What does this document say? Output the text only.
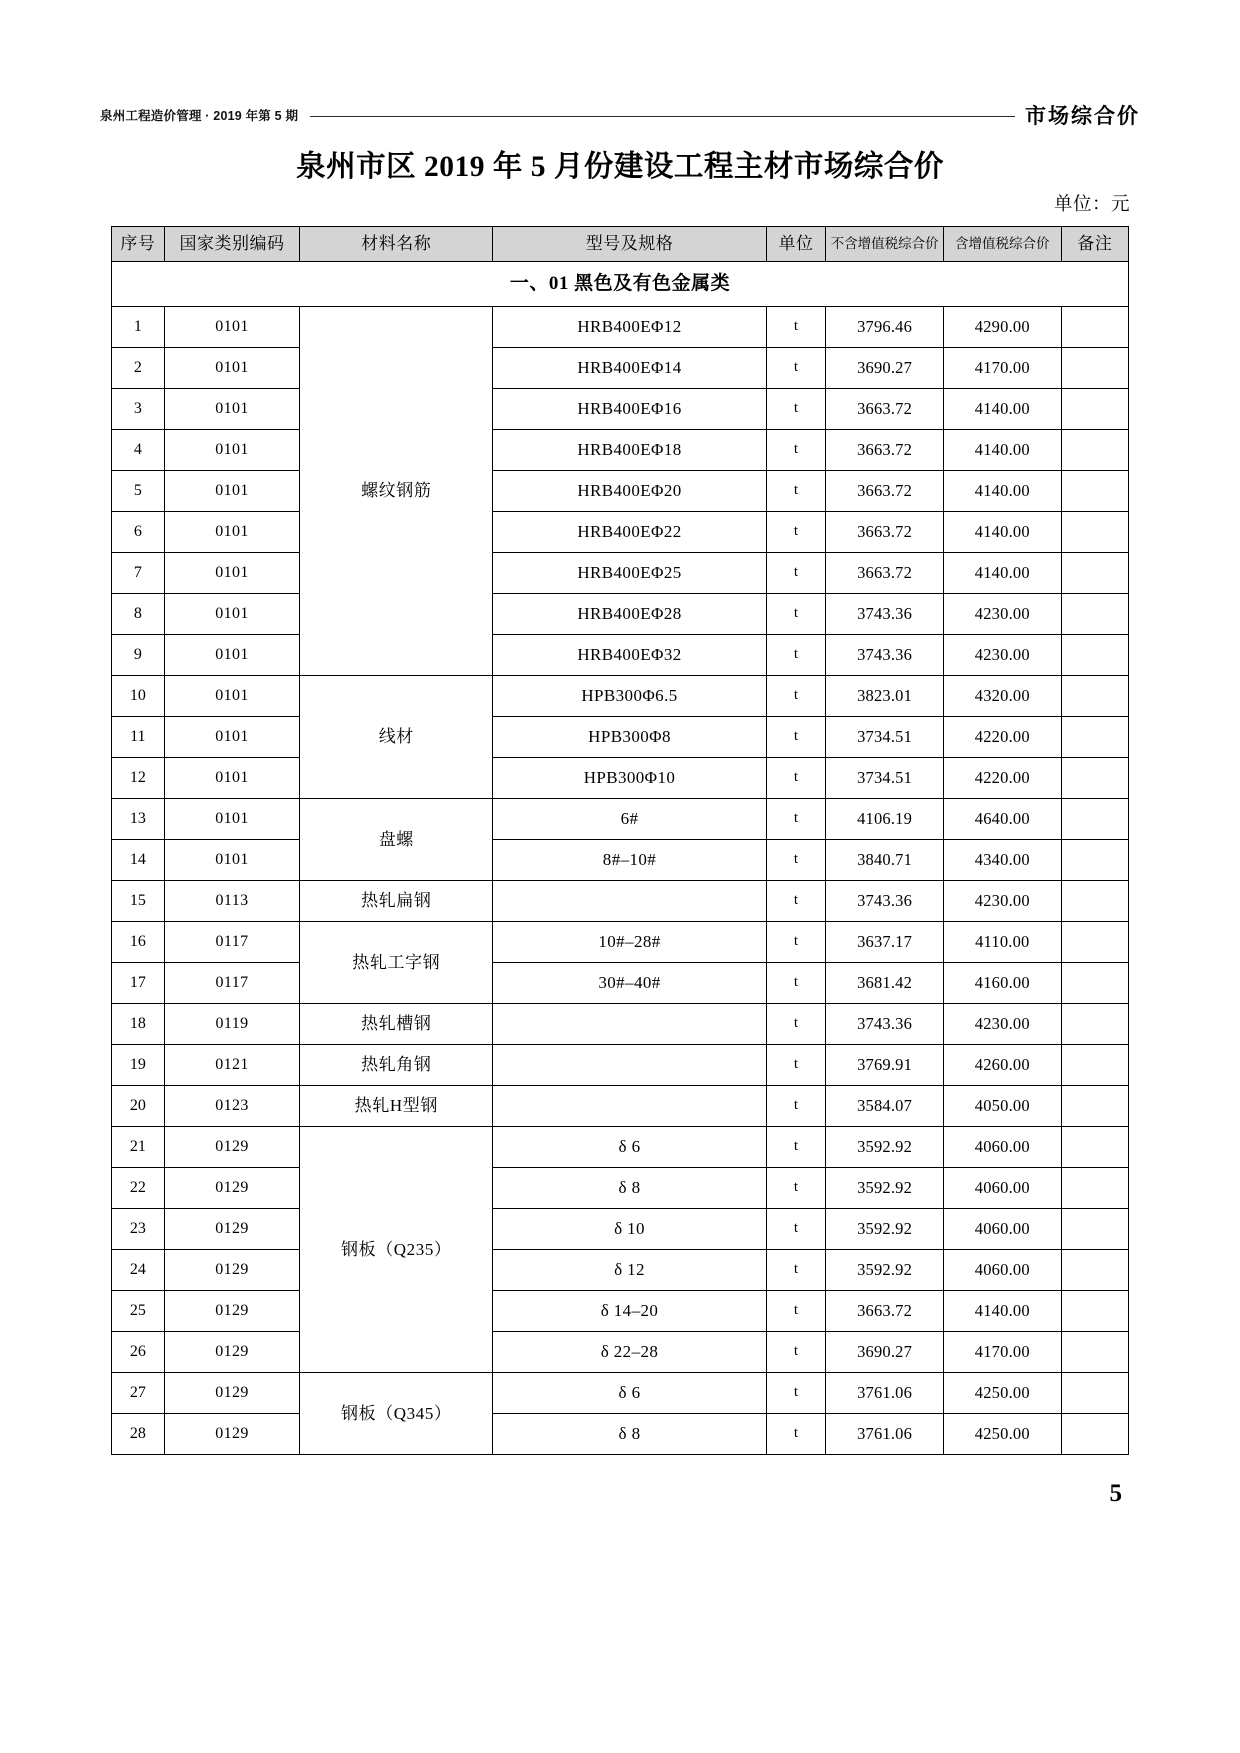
泉州工程造价管理 · 2019 年第 5 期	市场综合价
泉州市区 2019 年 5 月份建设工程主材市场综合价
单位：元
序号	国家类别编码	材料名称	型号及规格	单位	不含增值税综合价	含增值税综合价	备注
一、01 黑色及有色金属类							
1	0101	螺纹钢筋	HRB400EΦ12	t	3796.46	4290.00	
2	0101		HRB400EΦ14	t	3690.27	4170.00	
3	0101		HRB400EΦ16	t	3663.72	4140.00	
4	0101		HRB400EΦ18	t	3663.72	4140.00	
5	0101		HRB400EΦ20	t	3663.72	4140.00	
6	0101		HRB400EΦ22	t	3663.72	4140.00	
7	0101		HRB400EΦ25	t	3663.72	4140.00	
8	0101		HRB400EΦ28	t	3743.36	4230.00	
9	0101		HRB400EΦ32	t	3743.36	4230.00	
10	0101	线材	HPB300Φ6.5	t	3823.01	4320.00	
11	0101		HPB300Φ8	t	3734.51	4220.00	
12	0101		HPB300Φ10	t	3734.51	4220.00	
13	0101	盘螺	6#	t	4106.19	4640.00	
14	0101		8#–10#	t	3840.71	4340.00	
15	0113	热轧扁钢		t	3743.36	4230.00	
16	0117	热轧工字钢	10#–28#	t	3637.17	4110.00	
17	0117		30#–40#	t	3681.42	4160.00	
18	0119	热轧槽钢		t	3743.36	4230.00	
19	0121	热轧角钢		t	3769.91	4260.00	
20	0123	热轧H型钢		t	3584.07	4050.00	
21	0129	钢板（Q235）	δ 6	t	3592.92	4060.00	
22	0129		δ 8	t	3592.92	4060.00	
23	0129		δ 10	t	3592.92	4060.00	
24	0129		δ 12	t	3592.92	4060.00	
25	0129		δ 14–20	t	3663.72	4140.00	
26	0129		δ 22–28	t	3690.27	4170.00	
27	0129	钢板（Q345）	δ 6	t	3761.06	4250.00	
28	0129		δ 8	t	3761.06	4250.00	
5
